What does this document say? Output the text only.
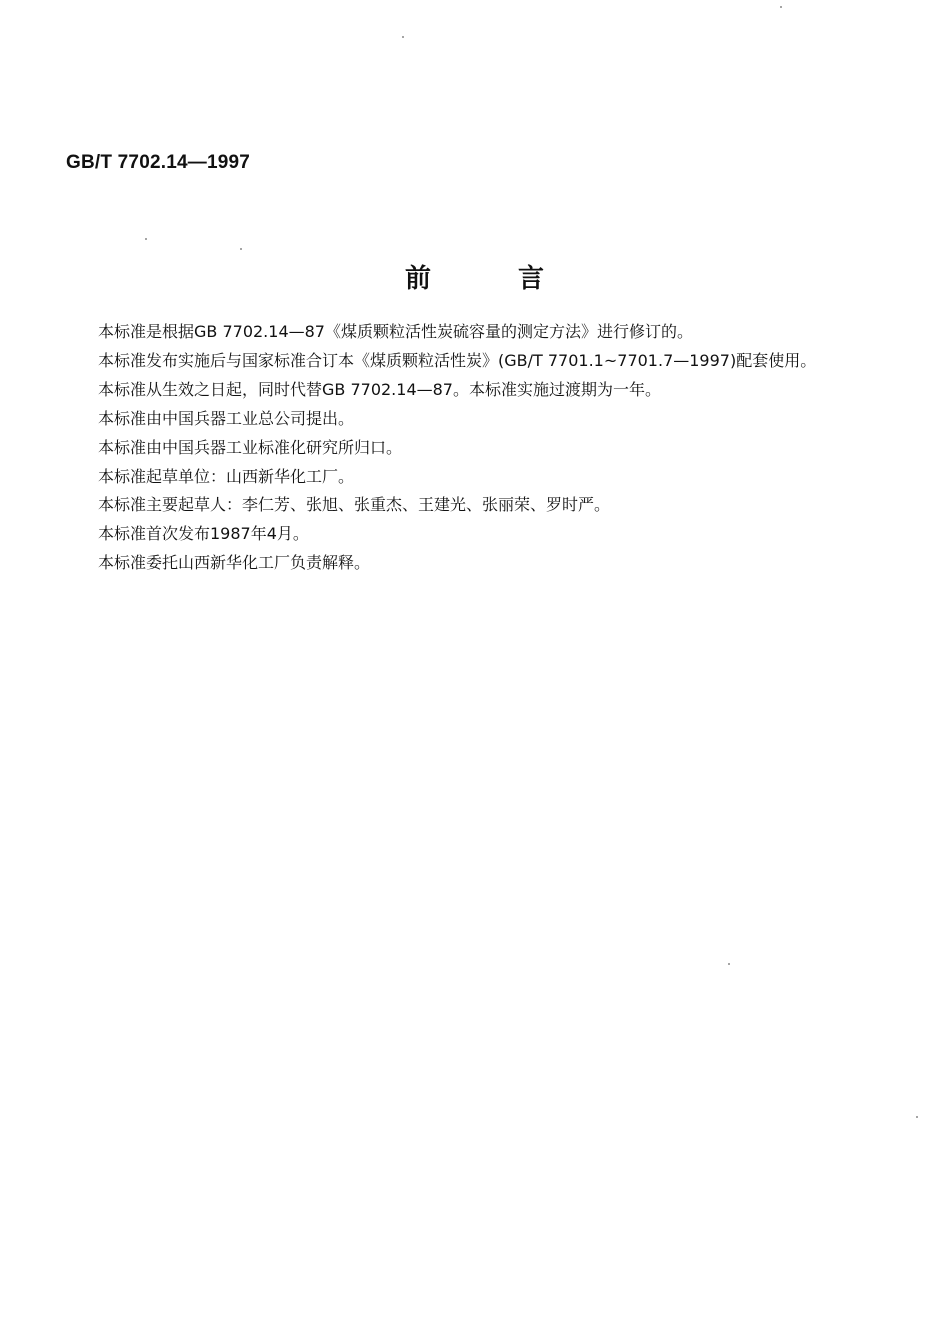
GB/T 7702.14—1997
前	言

本标准是根据GB 7702.14—87《煤质颗粒活性炭硫容量的测定方法》进行修订的。

本标准发布实施后与国家标准合订本《煤质颗粒活性炭》(GB/T 7701.1~7701.7—1997)配套使用。

本标准从生效之日起，同时代替GB 7702.14—87。本标准实施过渡期为一年。

本标准由中国兵器工业总公司提出。

本标准由中国兵器工业标准化研究所归口。

本标准起草单位：山西新华化工厂。

本标准主要起草人：李仁芳、张旭、张重杰、王建光、张丽荣、罗时严。

本标准首次发布1987年4月。

本标准委托山西新华化工厂负责解释。
